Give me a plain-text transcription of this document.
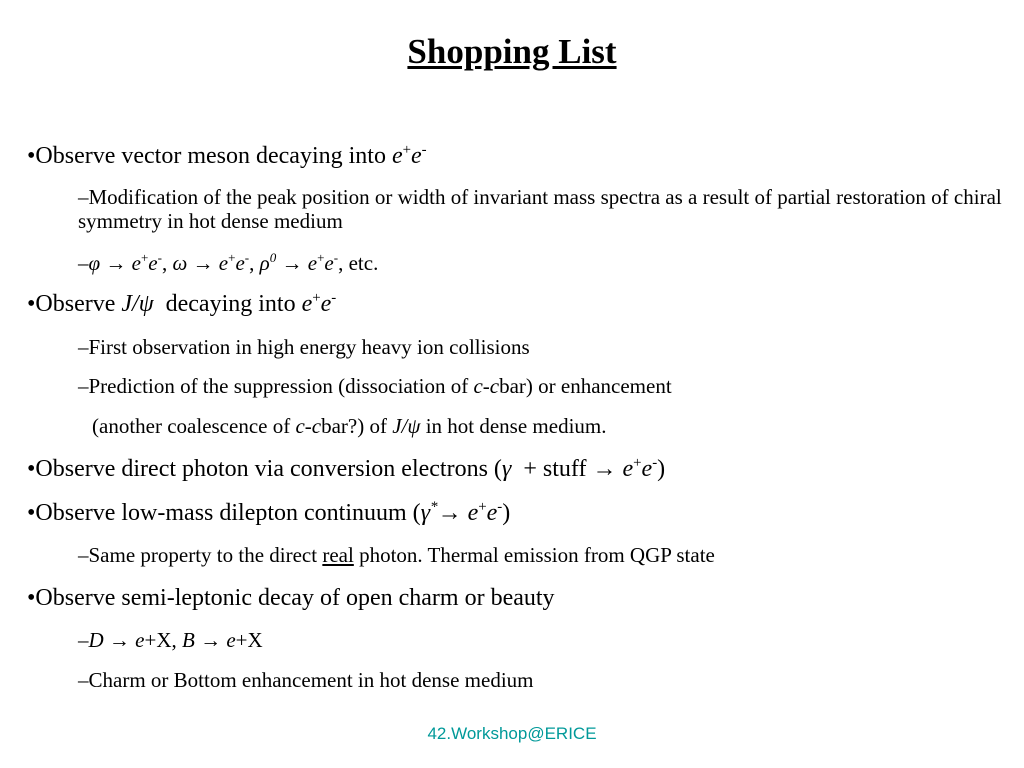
Shopping List
•Observe vector meson decaying into e+e-
–Modification of the peak position or width of invariant mass spectra as a result of partial restoration of chiral symmetry in hot dense medium
–φ → e+e-, ω → e+e-, $\rho^0 \to e^+e^-$, etc.
•Observe J/ψ  decaying into e+e-
–First observation in high energy heavy ion collisions
–Prediction of the suppression (dissociation of c-cbar) or enhancement
(another coalescence of c-cbar?) of J/ψ in hot dense medium.
•Observe direct photon via conversion electrons (γ  + stuff → e+e-)
•Observe low-mass dilepton continuum (γ*→ e+e-)
–Same property to the direct real photon. Thermal emission from QGP state
•Observe semi-leptonic decay of open charm or beauty
–D → e+X, B → e+X
–Charm or Bottom enhancement in hot dense medium
42.Workshop@ERICE
